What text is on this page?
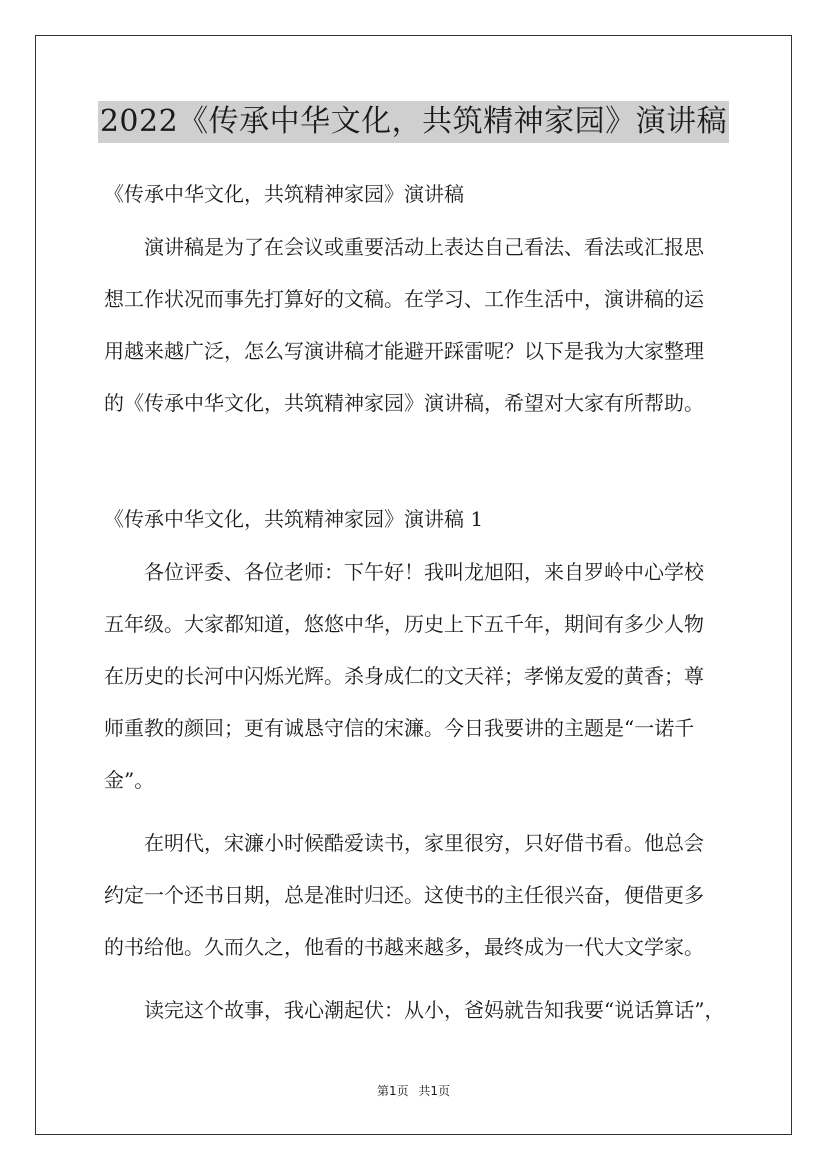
2022《传承中华文化，共筑精神家园》演讲稿
《传承中华文化，共筑精神家园》演讲稿
演讲稿是为了在会议或重要活动上表达自己看法、看法或汇报思
想工作状况而事先打算好的文稿。在学习、工作生活中，演讲稿的运
用越来越广泛，怎么写演讲稿才能避开踩雷呢？以下是我为大家整理
的《传承中华文化，共筑精神家园》演讲稿，希望对大家有所帮助。
《传承中华文化，共筑精神家园》演讲稿 1
各位评委、各位老师：下午好！我叫龙旭阳，来自罗岭中心学校
五年级。大家都知道，悠悠中华，历史上下五千年，期间有多少人物
在历史的长河中闪烁光辉。杀身成仁的文天祥；孝悌友爱的黄香；尊
师重教的颜回；更有诚恳守信的宋濂。今日我要讲的主题是“一诺千
金”。
在明代，宋濂小时候酷爱读书，家里很穷，只好借书看。他总会
约定一个还书日期，总是准时归还。这使书的主任很兴奋，便借更多
的书给他。久而久之，他看的书越来越多，最终成为一代大文学家。
读完这个故事，我心潮起伏：从小，爸妈就告知我要“说话算话”，
第1页 共1页
